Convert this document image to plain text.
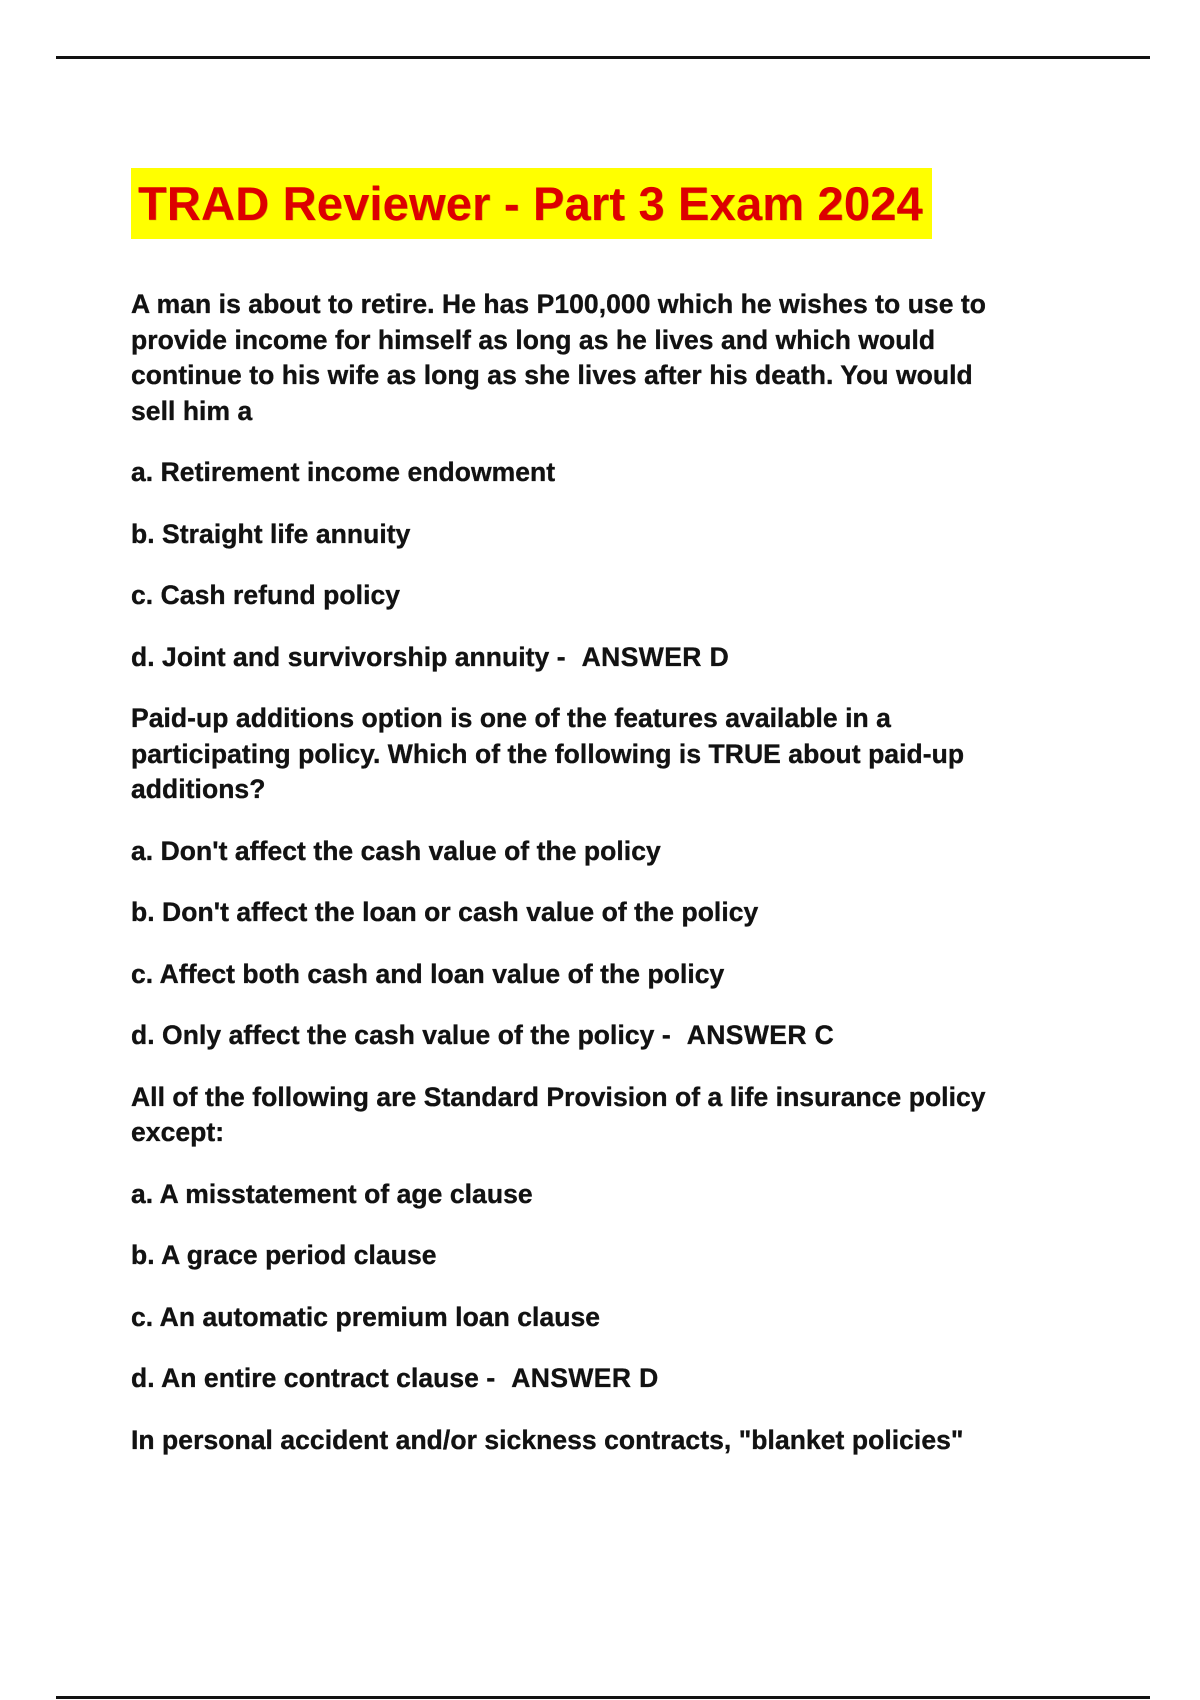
TRAD Reviewer - Part 3 Exam 2024

A man is about to retire. He has P100,000 which he wishes to use to provide income for himself as long as he lives and which would continue to his wife as long as she lives after his death. You would sell him a

a. Retirement income endowment

b. Straight life annuity

c. Cash refund policy

d. Joint and survivorship annuity - ANSWER D

Paid-up additions option is one of the features available in a participating policy. Which of the following is TRUE about paid-up additions?

a. Don't affect the cash value of the policy

b. Don't affect the loan or cash value of the policy

c. Affect both cash and loan value of the policy

d. Only affect the cash value of the policy - ANSWER C

All of the following are Standard Provision of a life insurance policy except:

a. A misstatement of age clause

b. A grace period clause

c. An automatic premium loan clause

d. An entire contract clause - ANSWER D

In personal accident and/or sickness contracts, "blanket policies"
